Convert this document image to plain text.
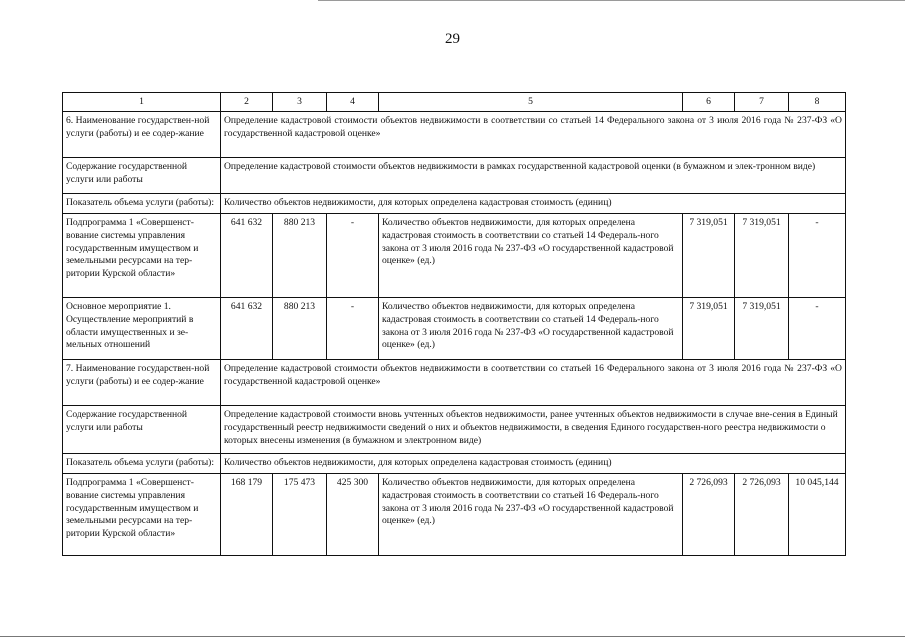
29
1	2	3	4	5	6	7	8
6. Наименование государствен-ной услуги (работы) и ее содер-жание	Определение кадастровой стоимости объектов недвижимости в соответствии со статьей 14 Федерального закона от 3 июля 2016 года № 237-ФЗ «О государственной кадастровой оценке»						
Содержание государственной услуги или работы	Определение кадастровой стоимости объектов недвижимости в рамках государственной кадастровой оценки (в бумажном и элек-тронном виде)						
Показатель объема услуги (работы):	Количество объектов недвижимости, для которых определена кадастровая стоимость (единиц)						
Подпрограмма 1 «Совершенст-вование системы управления государственным имуществом и земельными ресурсами на тер-ритории Курской области»	641 632	880 213	-	Количество объектов недвижимости, для которых определена кадастровая стоимость в соответствии со статьей 14 Федераль-ного закона от 3 июля 2016 года № 237-ФЗ «О государственной кадастровой оценке» (ед.)	7 319,051	7 319,051	-
Основное мероприятие 1. Осуществление мероприятий в области имущественных и зе-мельных отношений	641 632	880 213	-	Количество объектов недвижимости, для которых определена кадастровая стоимость в соответствии со статьей 14 Федераль-ного закона от 3 июля 2016 года № 237-ФЗ «О государственной кадастровой оценке» (ед.)	7 319,051	7 319,051	-
7. Наименование государствен-ной услуги (работы) и ее содер-жание	Определение кадастровой стоимости объектов недвижимости в соответствии со статьей 16 Федерального закона от 3 июля 2016 года № 237-ФЗ «О государственной кадастровой оценке»						
Содержание государственной услуги или работы	Определение кадастровой стоимости вновь учтенных объектов недвижимости, ранее учтенных объектов недвижимости в случае вне-сения в Единый государственный реестр недвижимости сведений о них и объектов недвижимости, в сведения Единого государствен-ного реестра недвижимости о которых внесены изменения (в бумажном и электронном виде)						
Показатель объема услуги (работы):	Количество объектов недвижимости, для которых определена кадастровая стоимость (единиц)						
Подпрограмма 1 «Совершенст-вование системы управления государственным имуществом и земельными ресурсами на тер-ритории Курской области»	168 179	175 473	425 300	Количество объектов недвижимости, для которых определена кадастровая стоимость в соответствии со статьей 16 Федераль-ного закона от 3 июля 2016 года № 237-ФЗ «О государственной кадастровой оценке» (ед.)	2 726,093	2 726,093	10 045,144
